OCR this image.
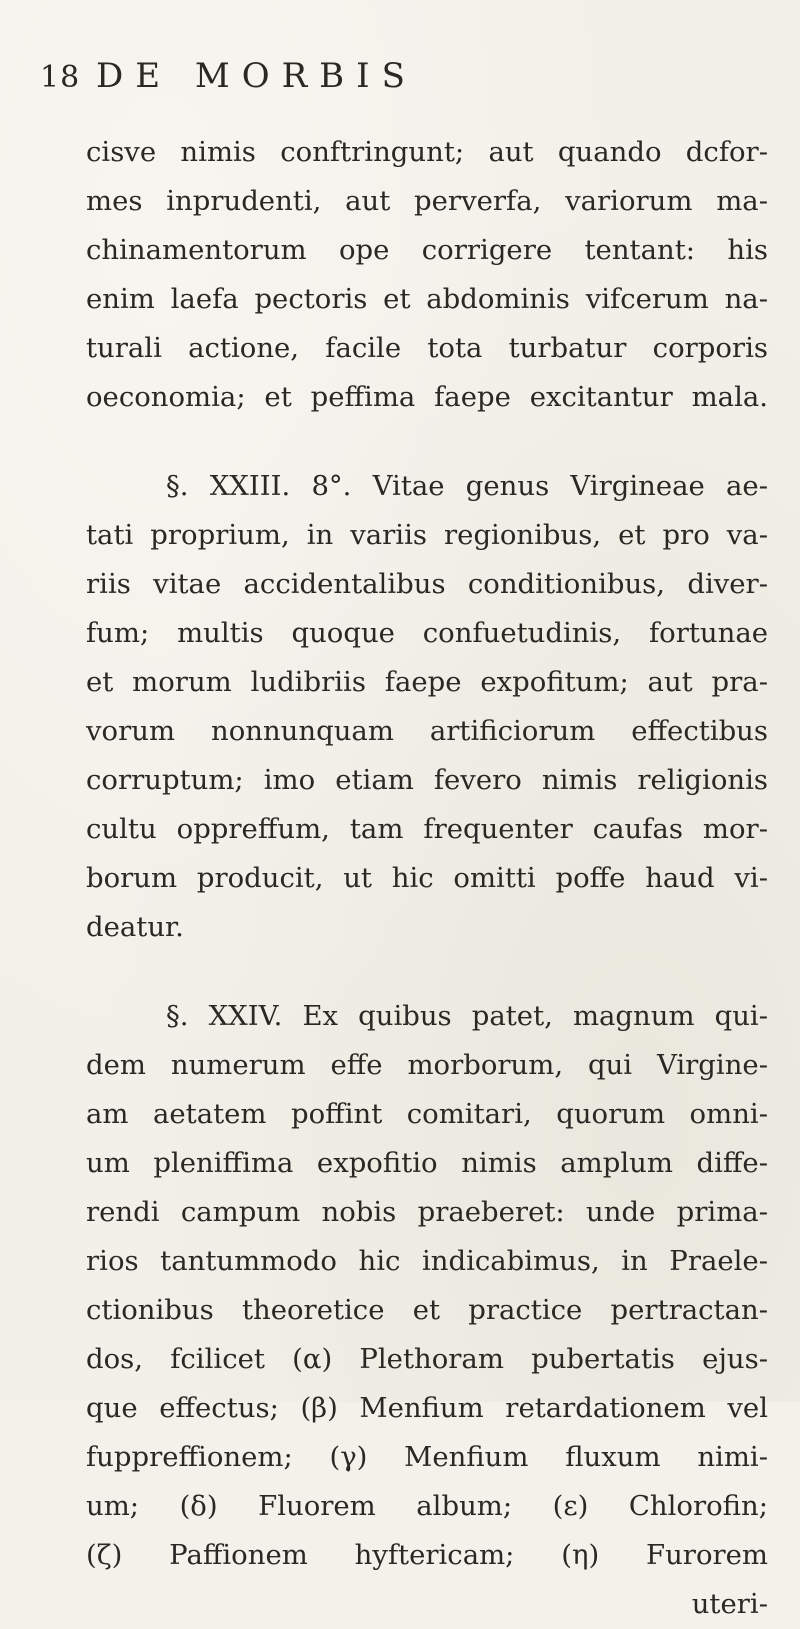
18 DE MORBIS
cisve nimis conftringunt; aut quando dcfor-
mes inprudenti, aut perverfa, variorum ma-
chinamentorum ope corrigere tentant: his
enim laefa pectoris et abdominis vifcerum na-
turali actione, facile tota turbatur corporis
oeconomia; et peffima faepe excitantur mala.
§. XXIII. 8°. Vitae genus Virgineae ae-
tati proprium, in variis regionibus, et pro va-
riis vitae accidentalibus conditionibus, diver-
fum; multis quoque confuetudinis, fortunae
et morum ludibriis faepe expofitum; aut pra-
vorum nonnunquam artificiorum effectibus
corruptum; imo etiam fevero nimis religionis
cultu oppreffum, tam frequenter caufas mor-
borum producit, ut hic omitti poffe haud vi-
deatur.
§. XXIV. Ex quibus patet, magnum qui-
dem numerum effe morborum, qui Virgine-
am aetatem poffint comitari, quorum omni-
um pleniffima expofitio nimis amplum diffe-
rendi campum nobis praeberet: unde prima-
rios tantummodo hic indicabimus, in Praele-
ctionibus theoretice et practice pertractan-
dos, fcilicet (α) Plethoram pubertatis ejus-
que effectus; (β) Menfium retardationem vel
fuppreffionem; (γ) Menfium fluxum nimi-
um; (δ) Fluorem album; (ε) Chlorofin;
(ζ) Paffionem hyftericam; (η) Furorem
uteri-
